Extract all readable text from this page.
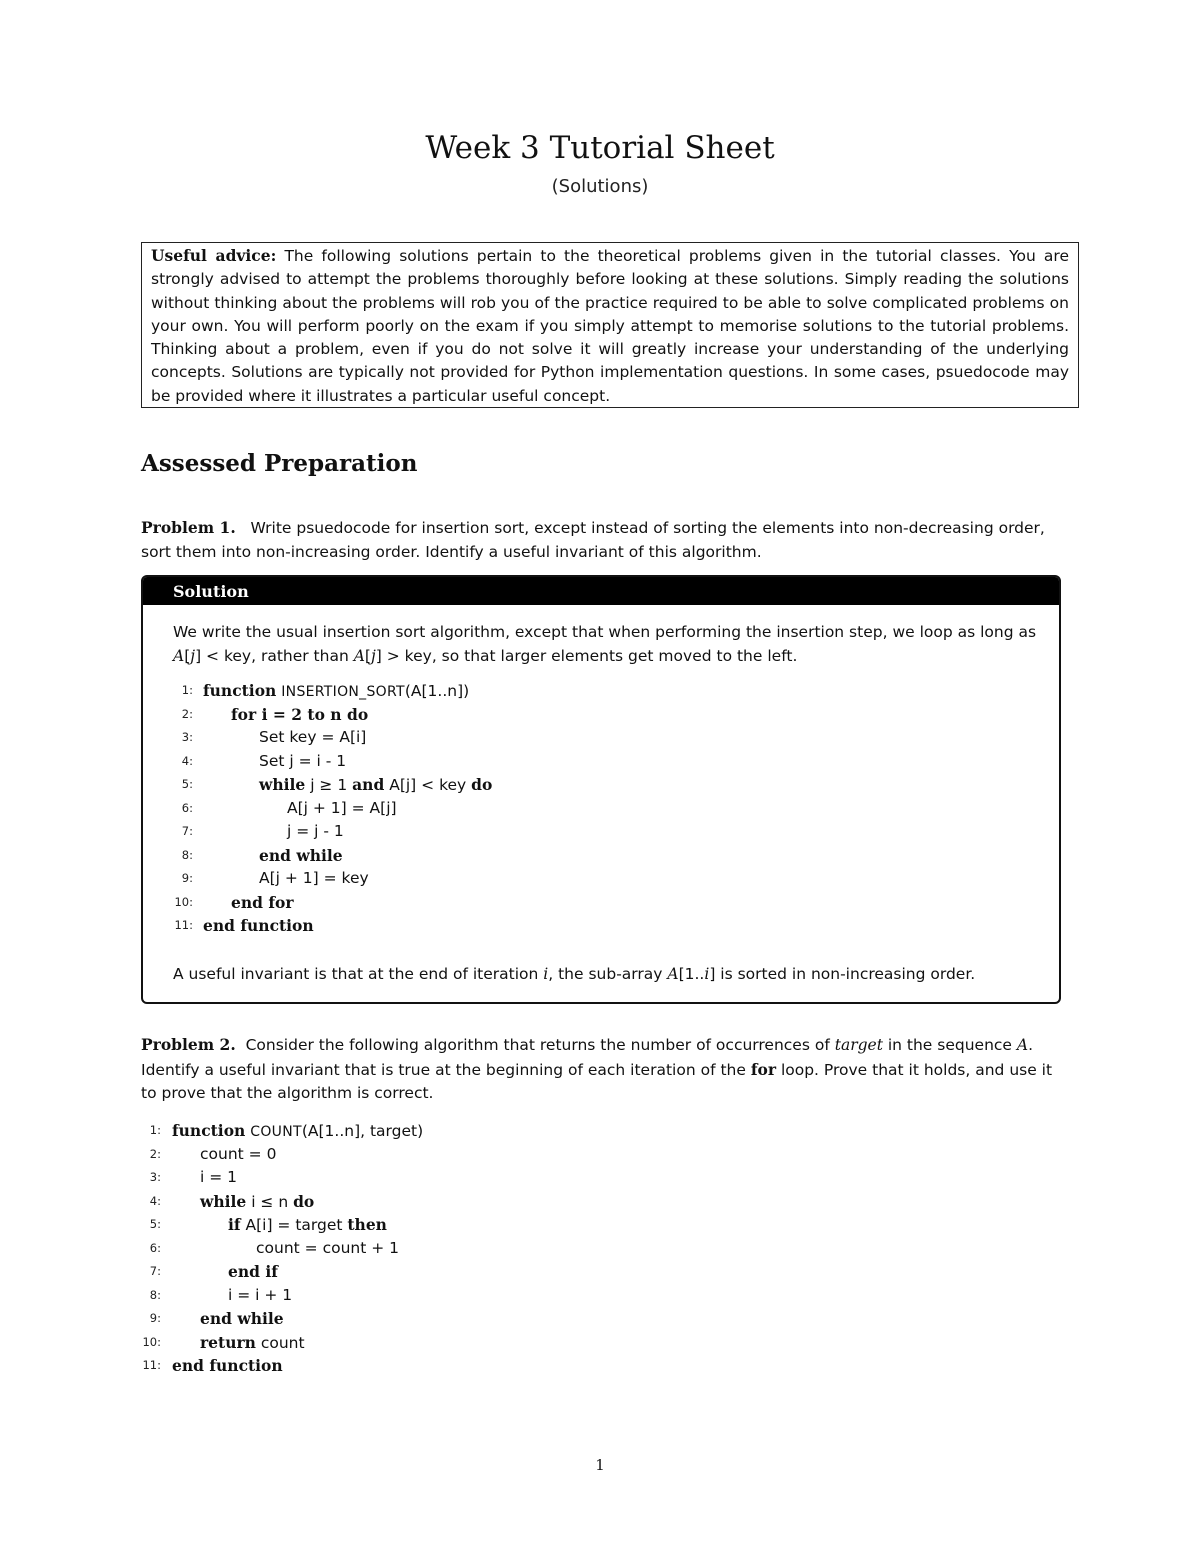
Week 3 Tutorial Sheet
(Solutions)
Useful advice: The following solutions pertain to the theoretical problems given in the tutorial classes. You are strongly advised to attempt the problems thoroughly before looking at these solutions. Simply reading the solutions without thinking about the problems will rob you of the practice required to be able to solve complicated problems on your own. You will perform poorly on the exam if you simply attempt to memorise solutions to the tutorial problems. Thinking about a problem, even if you do not solve it will greatly increase your understanding of the underlying concepts. Solutions are typically not provided for Python implementation questions. In some cases, psuedocode may be provided where it illustrates a particular useful concept.
Assessed Preparation
Problem 1. Write psuedocode for insertion sort, except instead of sorting the elements into non-decreasing order, sort them into non-increasing order. Identify a useful invariant of this algorithm.
Solution
We write the usual insertion sort algorithm, except that when performing the insertion step, we loop as long as A[j] < key, rather than A[j] > key, so that larger elements get moved to the left.
1: function INSERTION_SORT(A[1..n])
2: for i = 2 to n do
3:	Set key = A[i]
4:	Set j = i - 1
5:	while j ≥ 1 and A[j] < key do
6:	A[j + 1] = A[j]
7:	j = j - 1
8:	end while
9:	A[j + 1] = key
10: end for
11: end function
A useful invariant is that at the end of iteration i, the sub-array A[1..i] is sorted in non-increasing order.
Problem 2. Consider the following algorithm that returns the number of occurrences of target in the sequence A. Identify a useful invariant that is true at the beginning of each iteration of the for loop. Prove that it holds, and use it to prove that the algorithm is correct.
1: function COUNT(A[1..n], target)
2:	count = 0
3:	i = 1
4:	while i ≤ n do
5:	if A[i] = target then
6:	count = count + 1
7:	end if
8:	i = i + 1
9:	end while
10:	return count
11: end function
1
